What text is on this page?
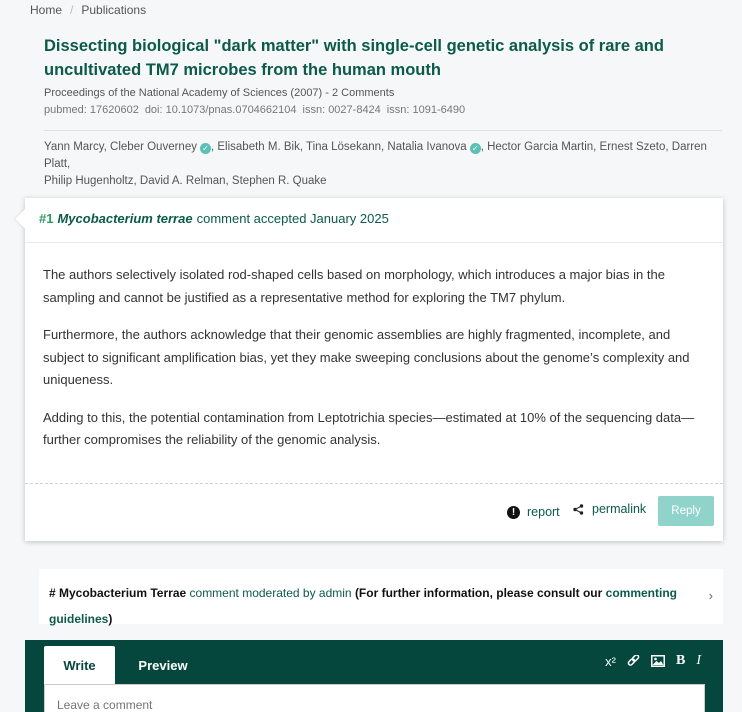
Home / Publications
Dissecting biological "dark matter" with single-cell genetic analysis of rare and
uncultivated TM7 microbes from the human mouth
Proceedings of the National Academy of Sciences (2007) - 2 Comments
pubmed: 17620602 doi: 10.1073/pnas.0704662104 issn: 0027-8424 issn: 1091-6490
Yann Marcy, Cleber Ouverney ✓ , Elisabeth M. Bik, Tina Lösekann, Natalia Ivanova ✓ , Hector Garcia Martin, Ernest Szeto, Darren Platt,
Philip Hugenholtz, David A. Relman, Stephen R. Quake
#1 Mycobacterium terrae comment accepted January 2025

The authors selectively isolated rod-shaped cells based on morphology, which introduces a major bias in the sampling and cannot be justified as a representative method for exploring the TM7 phylum.

Furthermore, the authors acknowledge that their genomic assemblies are highly fragmented, incomplete, and subject to significant amplification bias, yet they make sweeping conclusions about the genome’s complexity and uniqueness.

Adding to this, the potential contamination from Leptotrichia species—estimated at 10% of the sequencing data—further compromises the reliability of the genomic analysis.

! report	permalink	Reply
# Mycobacterium Terrae comment moderated by admin (For further information, please consult our commenting guidelines)
›
Write	Preview	x²	B I
Leave a comment
